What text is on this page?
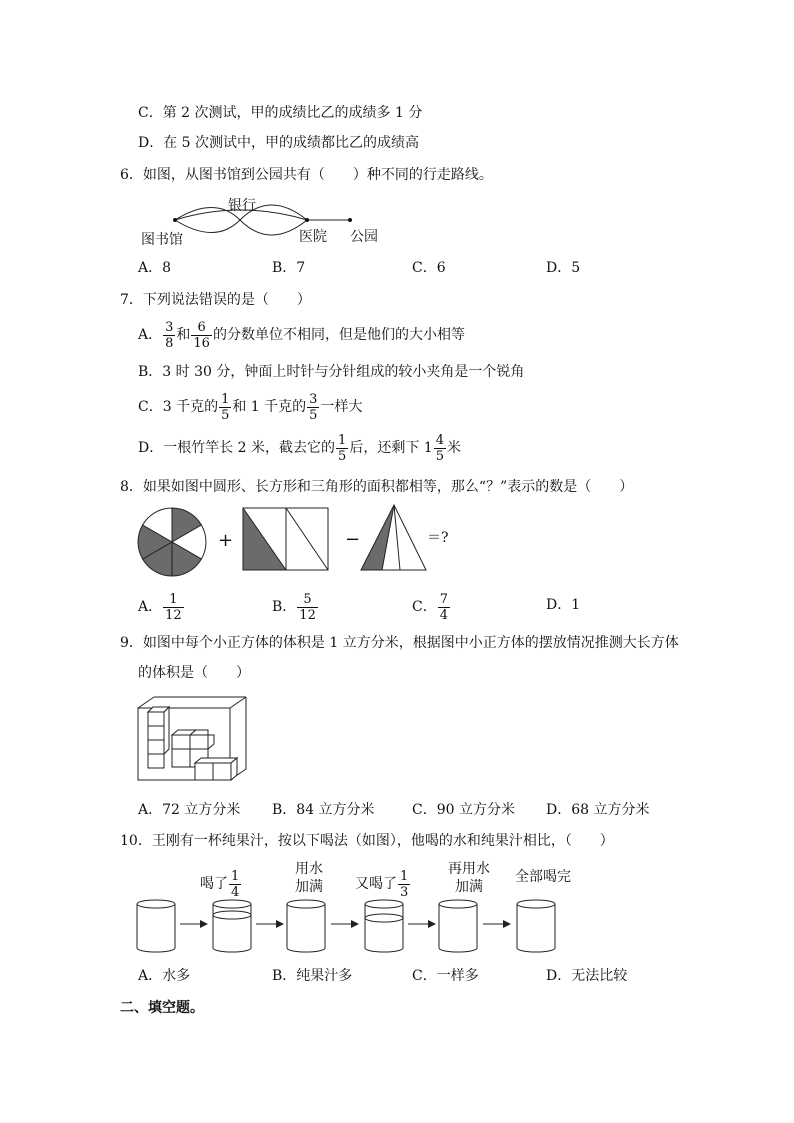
C．第 2 次测试，甲的成绩比乙的成绩多 1 分
D．在 5 次测试中，甲的成绩都比乙的成绩高
6．如图，从图书馆到公园共有（　　）种不同的行走路线。
图书馆
银行
医院 公园
A．8	B．7	C．6	D．5
7．下列说法错误的是（　　）
A． $\frac{3}{8}$ 和 $\frac{6}{16}$ 的分数单位不相同，但是他们的大小相等
B．3 时 30 分，钟面上时针与分针组成的较小夹角是一个锐角
C．3 千克的 $\frac{1}{5}$ 和 1 千克的 $\frac{3}{5}$ 一样大
D．一根竹竿长 2 米，截去它的 $\frac{1}{5}$ 后，还剩下 $1 \frac{4}{5}$ 米
8．如果如图中圆形、长方形和三角形的面积都相等，那么“？”表示的数是（　　）
+	−	＝?
A． $\frac{1}{12}$	B． $\frac{5}{12}$	C． $\frac{7}{4}$	D．1
9．如图中每个小正方体的体积是 1 立方分米，根据图中小正方体的摆放情况推测大长方体
的体积是（　　）
A．72 立方分米 B．84 立方分米	C．90 立方分米 D．68 立方分米
10．王刚有一杯纯果汁，按以下喝法（如图），他喝的水和纯果汁相比，（　　）
喝了 $\frac{1}{4}$	用水
加满 又喝了 $\frac{1}{3}$	再用水
加满
全部喝完
A．水多	B．纯果汁多	C．一样多	D．无法比较
二、填空题。
